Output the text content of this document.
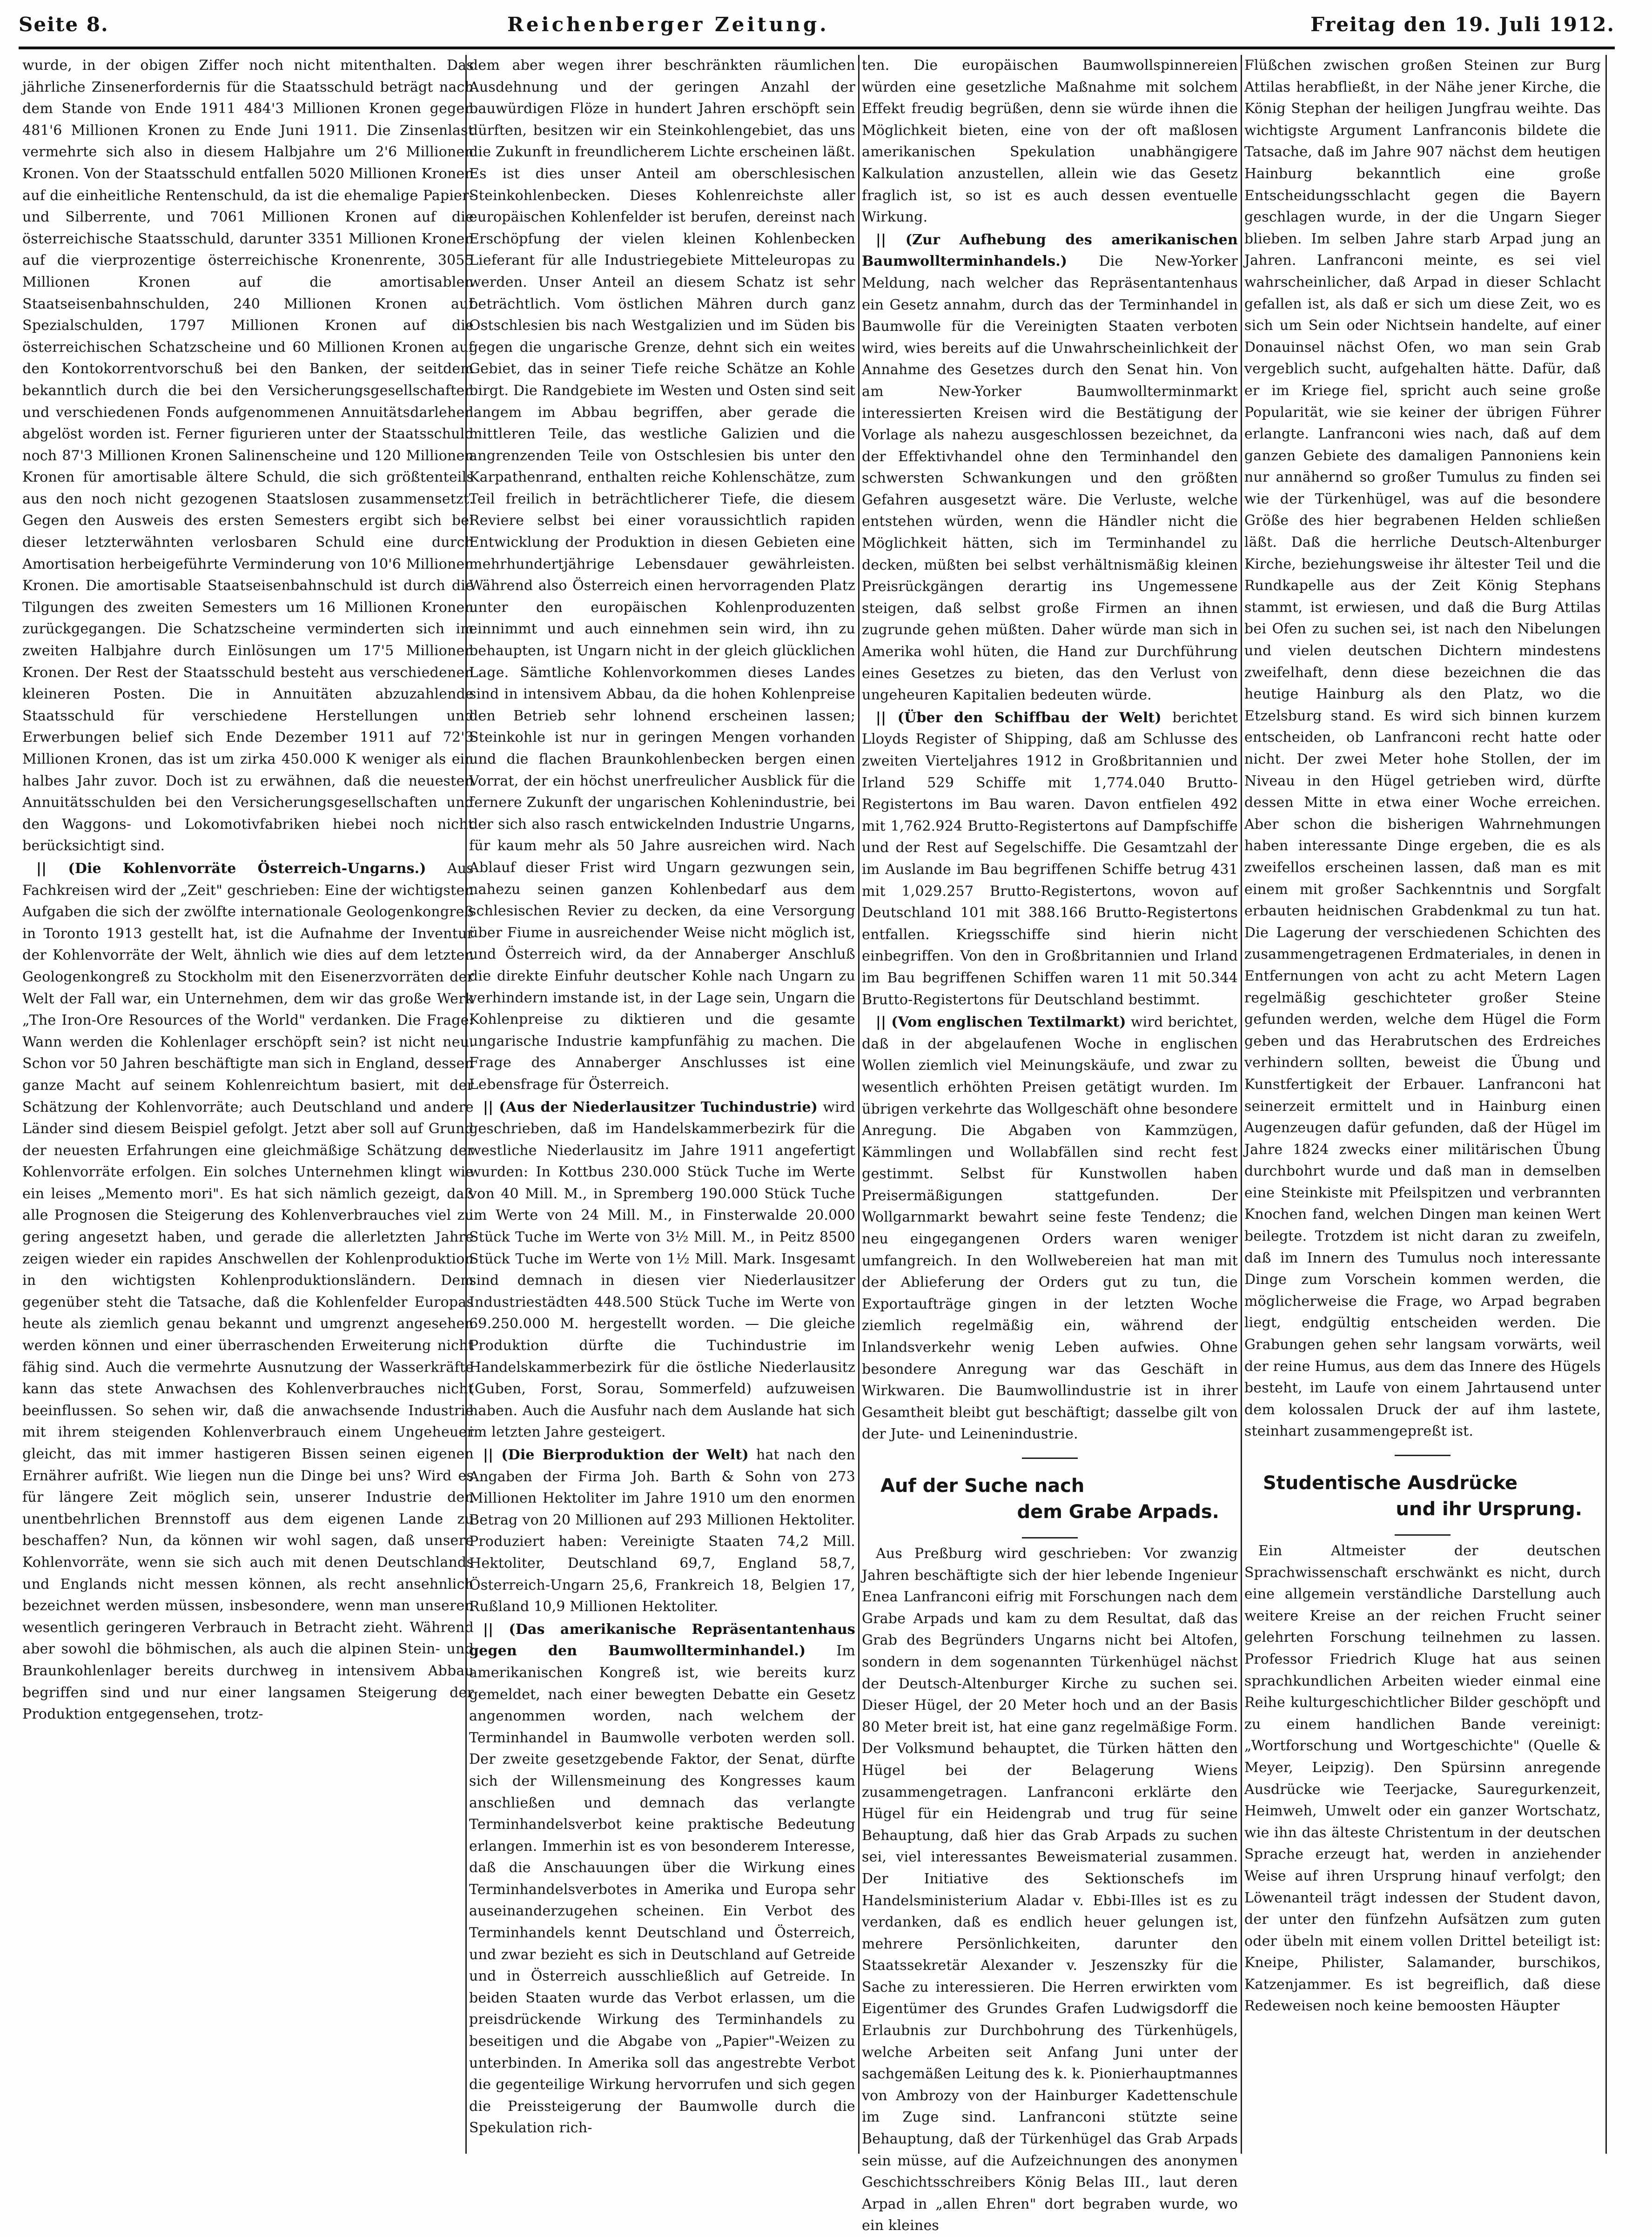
Seite 8.	Reichenberger Zeitung.	Freitag den 19. Juli 1912.

wurde, in der obigen Ziffer noch nicht mitenthalten. Das jährliche Zinsenerfordernis für die Staatsschuld beträgt nach dem Stande von Ende 1911 484'3 Millionen Kronen gegen 481'6 Millionen Kronen zu Ende Juni 1911. Die Zinsenlast vermehrte sich also in diesem Halbjahre um 2'6 Millionen Kronen. Von der Staatsschuld entfallen 5020 Millionen Kronen auf die einheitliche Rentenschuld, da ist die ehemalige Papier- und Silberrente, und 7061 Millionen Kronen auf die österreichische Staatsschuld, darunter 3351 Millionen Kronen auf die vierprozentige österreichische Kronenrente, 3055 Millionen Kronen auf die amortisablen Staatseisenbahnschulden, 240 Millionen Kronen auf Spezialschulden, 1797 Millionen Kronen auf die österreichischen Schatzscheine und 60 Millionen Kronen auf den Kontokorrentvorschuß bei den Banken, der seitdem bekanntlich durch die bei den Versicherungsgesellschaften und verschiedenen Fonds aufgenommenen Annuitätsdarlehen abgelöst worden ist. Ferner figurieren unter der Staatsschuld noch 87'3 Millionen Kronen Salinenscheine und 120 Millionen Kronen für amortisable ältere Schuld, die sich größtenteils aus den noch nicht gezogenen Staatslosen zusammensetzt. Gegen den Ausweis des ersten Semesters ergibt sich bei dieser letzterwähnten verlosbaren Schuld eine durch Amortisation herbeigeführte Verminderung von 10'6 Millionen Kronen. Die amortisable Staatseisenbahnschuld ist durch die Tilgungen des zweiten Semesters um 16 Millionen Kronen zurückgegangen. Die Schatzscheine verminderten sich im zweiten Halbjahre durch Einlösungen um 17'5 Millionen Kronen. Der Rest der Staatsschuld besteht aus verschiedenen kleineren Posten. Die in Annuitäten abzuzahlende Staatsschuld für verschiedene Herstellungen und Erwerbungen belief sich Ende Dezember 1911 auf 72'3 Millionen Kronen, das ist um zirka 450.000 K weniger als ein halbes Jahr zuvor. Doch ist zu erwähnen, daß die neuesten Annuitätsschulden bei den Versicherungsgesellschaften und den Waggons- und Lokomotivfabriken hiebei noch nicht berücksichtigt sind.

|| (Die Kohlenvorräte Österreich-Ungarns.) Aus Fachkreisen wird der „Zeit" geschrieben: Eine der wichtigsten Aufgaben die sich der zwölfte internationale Geologenkongreß in Toronto 1913 gestellt hat, ist die Aufnahme der Inventur der Kohlenvorräte der Welt, ähnlich wie dies auf dem letzten Geologenkongreß zu Stockholm mit den Eisenerzvorräten der Welt der Fall war, ein Unternehmen, dem wir das große Werk „The Iron-Ore Resources of the World" verdanken. Die Frage: Wann werden die Kohlenlager erschöpft sein? ist nicht neu. Schon vor 50 Jahren beschäftigte man sich in England, dessen ganze Macht auf seinem Kohlenreichtum basiert, mit der Schätzung der Kohlenvorräte; auch Deutschland und andere Länder sind diesem Beispiel gefolgt. Jetzt aber soll auf Grund der neuesten Erfahrungen eine gleichmäßige Schätzung der Kohlenvorräte erfolgen. Ein solches Unternehmen klingt wie ein leises „Memento mori". Es hat sich nämlich gezeigt, daß alle Prognosen die Steigerung des Kohlenverbrauches viel zu gering angesetzt haben, und gerade die allerletzten Jahre zeigen wieder ein rapides Anschwellen der Kohlenproduktion in den wichtigsten Kohlenproduktionsländern. Dem gegenüber steht die Tatsache, daß die Kohlenfelder Europas heute als ziemlich genau bekannt und umgrenzt angesehen werden können und einer überraschenden Erweiterung nicht fähig sind. Auch die vermehrte Ausnutzung der Wasserkräfte kann das stete Anwachsen des Kohlenverbrauches nicht beeinflussen. So sehen wir, daß die anwachsende Industrie mit ihrem steigenden Kohlenverbrauch einem Ungeheuer gleicht, das mit immer hastigeren Bissen seinen eigenen Ernährer aufrißt. Wie liegen nun die Dinge bei uns? Wird es für längere Zeit möglich sein, unserer Industrie den unentbehrlichen Brennstoff aus dem eigenen Lande zu beschaffen? Nun, da können wir wohl sagen, daß unsere Kohlenvorräte, wenn sie sich auch mit denen Deutschlands und Englands nicht messen können, als recht ansehnlich bezeichnet werden müssen, insbesondere, wenn man unseren wesentlich geringeren Verbrauch in Betracht zieht. Während aber sowohl die böhmischen, als auch die alpinen Stein- und Braunkohlenlager bereits durchweg in intensivem Abbau begriffen sind und nur einer langsamen Steigerung der Produktion entgegensehen, trotz-

dem aber wegen ihrer beschränkten räumlichen Ausdehnung und der geringen Anzahl der bauwürdigen Flöze in hundert Jahren erschöpft sein dürften, besitzen wir ein Steinkohlengebiet, das uns die Zukunft in freundlicherem Lichte erscheinen läßt. Es ist dies unser Anteil am oberschlesischen Steinkohlenbecken. Dieses Kohlenreichste aller europäischen Kohlenfelder ist berufen, dereinst nach Erschöpfung der vielen kleinen Kohlenbecken Lieferant für alle Industriegebiete Mitteleuropas zu werden. Unser Anteil an diesem Schatz ist sehr beträchtlich. Vom östlichen Mähren durch ganz Ostschlesien bis nach Westgalizien und im Süden bis gegen die ungarische Grenze, dehnt sich ein weites Gebiet, das in seiner Tiefe reiche Schätze an Kohle birgt. Die Randgebiete im Westen und Osten sind seit langem im Abbau begriffen, aber gerade die mittleren Teile, das westliche Galizien und die angrenzenden Teile von Ostschlesien bis unter den Karpathenrand, enthalten reiche Kohlenschätze, zum Teil freilich in beträchtlicherer Tiefe, die diesem Reviere selbst bei einer voraussichtlich rapiden Entwicklung der Produktion in diesen Gebieten eine mehrhundertjährige Lebensdauer gewährleisten. Während also Österreich einen hervorragenden Platz unter den europäischen Kohlenproduzenten einnimmt und auch einnehmen sein wird, ihn zu behaupten, ist Ungarn nicht in der gleich glücklichen Lage. Sämtliche Kohlenvorkommen dieses Landes sind in intensivem Abbau, da die hohen Kohlenpreise den Betrieb sehr lohnend erscheinen lassen; Steinkohle ist nur in geringen Mengen vorhanden und die flachen Braunkohlenbecken bergen einen Vorrat, der ein höchst unerfreulicher Ausblick für die fernere Zukunft der ungarischen Kohlenindustrie, bei der sich also rasch entwickelnden Industrie Ungarns, für kaum mehr als 50 Jahre ausreichen wird. Nach Ablauf dieser Frist wird Ungarn gezwungen sein, nahezu seinen ganzen Kohlenbedarf aus dem schlesischen Revier zu decken, da eine Versorgung über Fiume in ausreichender Weise nicht möglich ist, und Österreich wird, da der Annaberger Anschluß die direkte Einfuhr deutscher Kohle nach Ungarn zu verhindern imstande ist, in der Lage sein, Ungarn die Kohlenpreise zu diktieren und die gesamte ungarische Industrie kampfunfähig zu machen. Die Frage des Annaberger Anschlusses ist eine Lebensfrage für Österreich.

|| (Aus der Niederlausitzer Tuchindustrie) wird geschrieben, daß im Handelskammerbezirk für die westliche Niederlausitz im Jahre 1911 angefertigt wurden: In Kottbus 230.000 Stück Tuche im Werte von 40 Mill. M., in Spremberg 190.000 Stück Tuche im Werte von 24 Mill. M., in Finsterwalde 20.000 Stück Tuche im Werte von 3½ Mill. M., in Peitz 8500 Stück Tuche im Werte von 1½ Mill. Mark. Insgesamt sind demnach in diesen vier Niederlausitzer Industriestädten 448.500 Stück Tuche im Werte von 69.250.000 M. hergestellt worden. — Die gleiche Produktion dürfte die Tuchindustrie im Handelskammerbezirk für die östliche Niederlausitz (Guben, Forst, Sorau, Sommerfeld) aufzuweisen haben. Auch die Ausfuhr nach dem Auslande hat sich im letzten Jahre gesteigert.

|| (Die Bierproduktion der Welt) hat nach den Angaben der Firma Joh. Barth & Sohn von 273 Millionen Hektoliter im Jahre 1910 um den enormen Betrag von 20 Millionen auf 293 Millionen Hektoliter. Produziert haben: Vereinigte Staaten 74,2 Mill. Hektoliter, Deutschland 69,7, England 58,7, Österreich-Ungarn 25,6, Frankreich 18, Belgien 17, Rußland 10,9 Millionen Hektoliter.

|| (Das amerikanische Repräsentantenhaus gegen den Baumwollterminhandel.) Im amerikanischen Kongreß ist, wie bereits kurz gemeldet, nach einer bewegten Debatte ein Gesetz angenommen worden, nach welchem der Terminhandel in Baumwolle verboten werden soll. Der zweite gesetzgebende Faktor, der Senat, dürfte sich der Willensmeinung des Kongresses kaum anschließen und demnach das verlangte Terminhandelsverbot keine praktische Bedeutung erlangen. Immerhin ist es von besonderem Interesse, daß die Anschauungen über die Wirkung eines Terminhandelsverbotes in Amerika und Europa sehr auseinanderzugehen scheinen. Ein Verbot des Terminhandels kennt Deutschland und Österreich, und zwar bezieht es sich in Deutschland auf Getreide und in Österreich ausschließlich auf Getreide. In beiden Staaten wurde das Verbot erlassen, um die preisdrückende Wirkung des Terminhandels zu beseitigen und die Abgabe von „Papier"-Weizen zu unterbinden. In Amerika soll das angestrebte Verbot die gegenteilige Wirkung hervorrufen und sich gegen die Preissteigerung der Baumwolle durch die Spekulation rich-

ten. Die europäischen Baumwollspinnereien würden eine gesetzliche Maßnahme mit solchem Effekt freudig begrüßen, denn sie würde ihnen die Möglichkeit bieten, eine von der oft maßlosen amerikanischen Spekulation unabhängigere Kalkulation anzustellen, allein wie das Gesetz fraglich ist, so ist es auch dessen eventuelle Wirkung.

|| (Zur Aufhebung des amerikanischen Baumwollterminhandels.) Die New-Yorker Meldung, nach welcher das Repräsentantenhaus ein Gesetz annahm, durch das der Terminhandel in Baumwolle für die Vereinigten Staaten verboten wird, wies bereits auf die Unwahrscheinlichkeit der Annahme des Gesetzes durch den Senat hin. Von am New-Yorker Baumwollterminmarkt interessierten Kreisen wird die Bestätigung der Vorlage als nahezu ausgeschlossen bezeichnet, da der Effektivhandel ohne den Terminhandel den schwersten Schwankungen und den größten Gefahren ausgesetzt wäre. Die Verluste, welche entstehen würden, wenn die Händler nicht die Möglichkeit hätten, sich im Terminhandel zu decken, müßten bei selbst verhältnismäßig kleinen Preisrückgängen derartig ins Ungemessene steigen, daß selbst große Firmen an ihnen zugrunde gehen müßten. Daher würde man sich in Amerika wohl hüten, die Hand zur Durchführung eines Gesetzes zu bieten, das den Verlust von ungeheuren Kapitalien bedeuten würde.

|| (Über den Schiffbau der Welt) berichtet Lloyds Register of Shipping, daß am Schlusse des zweiten Vierteljahres 1912 in Großbritannien und Irland 529 Schiffe mit 1,774.040 Brutto-Registertons im Bau waren. Davon entfielen 492 mit 1,762.924 Brutto-Registertons auf Dampfschiffe und der Rest auf Segelschiffe. Die Gesamtzahl der im Auslande im Bau begriffenen Schiffe betrug 431 mit 1,029.257 Brutto-Registertons, wovon auf Deutschland 101 mit 388.166 Brutto-Registertons entfallen. Kriegsschiffe sind hierin nicht einbegriffen. Von den in Großbritannien und Irland im Bau begriffenen Schiffen waren 11 mit 50.344 Brutto-Registertons für Deutschland bestimmt.

|| (Vom englischen Textilmarkt) wird berichtet, daß in der abgelaufenen Woche in englischen Wollen ziemlich viel Meinungskäufe, und zwar zu wesentlich erhöhten Preisen getätigt wurden. Im übrigen verkehrte das Wollgeschäft ohne besondere Anregung. Die Abgaben von Kammzügen, Kämmlingen und Wollabfällen sind recht fest gestimmt. Selbst für Kunstwollen haben Preisermäßigungen stattgefunden. Der Wollgarnmarkt bewahrt seine feste Tendenz; die neu eingegangenen Orders waren weniger umfangreich. In den Wollwebereien hat man mit der Ablieferung der Orders gut zu tun, die Exportaufträge gingen in der letzten Woche ziemlich regelmäßig ein, während der Inlandsverkehr wenig Leben aufwies. Ohne besondere Anregung war das Geschäft in Wirkwaren. Die Baumwollindustrie ist in ihrer Gesamtheit bleibt gut beschäftigt; dasselbe gilt von der Jute- und Leinenindustrie.

Auf der Suche nach
dem Grabe Arpads.

Aus Preßburg wird geschrieben: Vor zwanzig Jahren beschäftigte sich der hier lebende Ingenieur Enea Lanfranconi eifrig mit Forschungen nach dem Grabe Arpads und kam zu dem Resultat, daß das Grab des Begründers Ungarns nicht bei Altofen, sondern in dem sogenannten Türkenhügel nächst der Deutsch-Altenburger Kirche zu suchen sei. Dieser Hügel, der 20 Meter hoch und an der Basis 80 Meter breit ist, hat eine ganz regelmäßige Form. Der Volksmund behauptet, die Türken hätten den Hügel bei der Belagerung Wiens zusammengetragen. Lanfranconi erklärte den Hügel für ein Heidengrab und trug für seine Behauptung, daß hier das Grab Arpads zu suchen sei, viel interessantes Beweismaterial zusammen. Der Initiative des Sektionschefs im Handelsministerium Aladar v. Ebbi-Illes ist es zu verdanken, daß es endlich heuer gelungen ist, mehrere Persönlichkeiten, darunter den Staatssekretär Alexander v. Jeszenszky für die Sache zu interessieren. Die Herren erwirkten vom Eigentümer des Grundes Grafen Ludwigsdorff die Erlaubnis zur Durchbohrung des Türkenhügels, welche Arbeiten seit Anfang Juni unter der sachgemäßen Leitung des k. k. Pionierhauptmannes von Ambrozy von der Hainburger Kadettenschule im Zuge sind. Lanfranconi stützte seine Behauptung, daß der Türkenhügel das Grab Arpads sein müsse, auf die Aufzeichnungen des anonymen Geschichtsschreibers König Belas III., laut deren Arpad in „allen Ehren" dort begraben wurde, wo ein kleines

Flüßchen zwischen großen Steinen zur Burg Attilas herabfließt, in der Nähe jener Kirche, die König Stephan der heiligen Jungfrau weihte. Das wichtigste Argument Lanfranconis bildete die Tatsache, daß im Jahre 907 nächst dem heutigen Hainburg bekanntlich eine große Entscheidungsschlacht gegen die Bayern geschlagen wurde, in der die Ungarn Sieger blieben. Im selben Jahre starb Arpad jung an Jahren. Lanfranconi meinte, es sei viel wahrscheinlicher, daß Arpad in dieser Schlacht gefallen ist, als daß er sich um diese Zeit, wo es sich um Sein oder Nichtsein handelte, auf einer Donauinsel nächst Ofen, wo man sein Grab vergeblich sucht, aufgehalten hätte. Dafür, daß er im Kriege fiel, spricht auch seine große Popularität, wie sie keiner der übrigen Führer erlangte. Lanfranconi wies nach, daß auf dem ganzen Gebiete des damaligen Pannoniens kein nur annähernd so großer Tumulus zu finden sei wie der Türkenhügel, was auf die besondere Größe des hier begrabenen Helden schließen läßt. Daß die herrliche Deutsch-Altenburger Kirche, beziehungsweise ihr ältester Teil und die Rundkapelle aus der Zeit König Stephans stammt, ist erwiesen, und daß die Burg Attilas bei Ofen zu suchen sei, ist nach den Nibelungen und vielen deutschen Dichtern mindestens zweifelhaft, denn diese bezeichnen die das heutige Hainburg als den Platz, wo die Etzelsburg stand. Es wird sich binnen kurzem entscheiden, ob Lanfranconi recht hatte oder nicht. Der zwei Meter hohe Stollen, der im Niveau in den Hügel getrieben wird, dürfte dessen Mitte in etwa einer Woche erreichen. Aber schon die bisherigen Wahrnehmungen haben interessante Dinge ergeben, die es als zweifellos erscheinen lassen, daß man es mit einem mit großer Sachkenntnis und Sorgfalt erbauten heidnischen Grabdenkmal zu tun hat. Die Lagerung der verschiedenen Schichten des zusammengetragenen Erdmateriales, in denen in Entfernungen von acht zu acht Metern Lagen regelmäßig geschichteter großer Steine gefunden werden, welche dem Hügel die Form geben und das Herabrutschen des Erdreiches verhindern sollten, beweist die Übung und Kunstfertigkeit der Erbauer. Lanfranconi hat seinerzeit ermittelt und in Hainburg einen Augenzeugen dafür gefunden, daß der Hügel im Jahre 1824 zwecks einer militärischen Übung durchbohrt wurde und daß man in demselben eine Steinkiste mit Pfeilspitzen und verbrannten Knochen fand, welchen Dingen man keinen Wert beilegte. Trotzdem ist nicht daran zu zweifeln, daß im Innern des Tumulus noch interessante Dinge zum Vorschein kommen werden, die möglicherweise die Frage, wo Arpad begraben liegt, endgültig entscheiden werden. Die Grabungen gehen sehr langsam vorwärts, weil der reine Humus, aus dem das Innere des Hügels besteht, im Laufe von einem Jahrtausend unter dem kolossalen Druck der auf ihm lastete, steinhart zusammengepreßt ist.

Studentische Ausdrücke
und ihr Ursprung.

Ein Altmeister der deutschen Sprachwissenschaft erschwänkt es nicht, durch eine allgemein verständliche Darstellung auch weitere Kreise an der reichen Frucht seiner gelehrten Forschung teilnehmen zu lassen. Professor Friedrich Kluge hat aus seinen sprachkundlichen Arbeiten wieder einmal eine Reihe kulturgeschichtlicher Bilder geschöpft und zu einem handlichen Bande vereinigt: „Wortforschung und Wortgeschichte" (Quelle & Meyer, Leipzig). Den Spürsinn anregende Ausdrücke wie Teerjacke, Sauregurkenzeit, Heimweh, Umwelt oder ein ganzer Wortschatz, wie ihn das älteste Christentum in der deutschen Sprache erzeugt hat, werden in anziehender Weise auf ihren Ursprung hinauf verfolgt; den Löwenanteil trägt indessen der Student davon, der unter den fünfzehn Aufsätzen zum guten oder übeln mit einem vollen Drittel beteiligt ist: Kneipe, Philister, Salamander, burschikos, Katzenjammer. Es ist begreiflich, daß diese Redeweisen noch keine bemoosten Häupter
